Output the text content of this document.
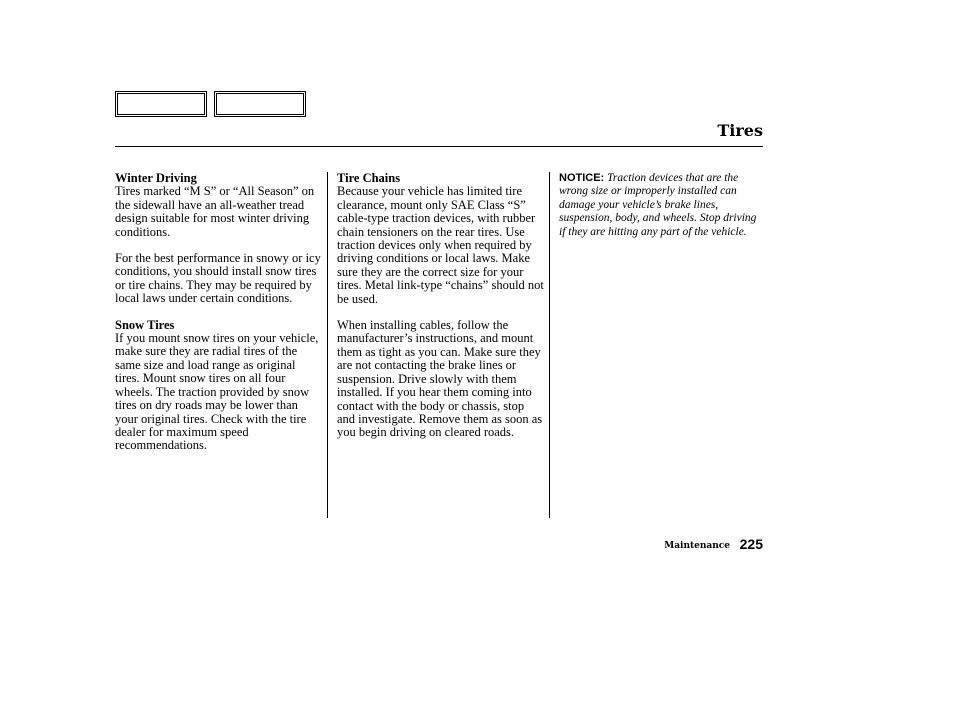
Tires
Winter Driving

Tires marked “M S” or “All Season” on the sidewall have an all-weather tread design suitable for most winter driving conditions.

For the best performance in snowy or icy conditions, you should install snow tires or tire chains. They may be required by local laws under certain conditions.

Snow Tires

If you mount snow tires on your vehicle, make sure they are radial tires of the same size and load range as original tires. Mount snow tires on all four wheels. The traction provided by snow tires on dry roads may be lower than your original tires. Check with the tire dealer for maximum speed recommendations.

Tire Chains

Because your vehicle has limited tire clearance, mount only SAE Class “S” cable-type traction devices, with rubber chain tensioners on the rear tires. Use traction devices only when required by driving conditions or local laws. Make sure they are the correct size for your tires. Metal link-type “chains” should not be used.

When installing cables, follow the manufacturer’s instructions, and mount them as tight as you can. Make sure they are not contacting the brake lines or suspension. Drive slowly with them installed. If you hear them coming into contact with the body or chassis, stop and investigate. Remove them as soon as you begin driving on cleared roads.

NOTICE: Traction devices that are the wrong size or improperly installed can damage your vehicle’s brake lines, suspension, body, and wheels. Stop driving if they are hitting any part of the vehicle.

Maintenance 225
